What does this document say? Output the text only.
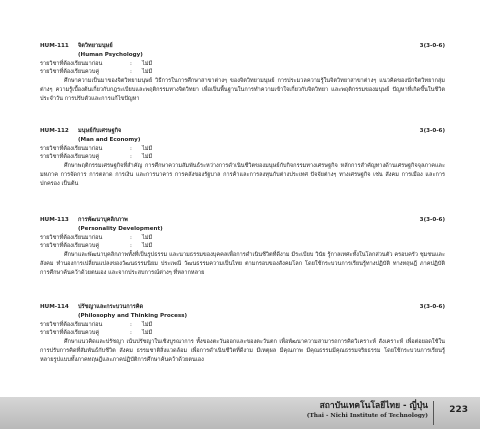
HUM-111 จิตวิทยามนุษย์	3(3-0-6)
(Human Psychology)
รายวิชาที่ต้องเรียนมาก่อน	:	ไม่มี
รายวิชาที่ต้องเรียนควบคู่	:	ไม่มี
ศึกษาความเป็นมาของจิตวิทยามนุษย์ วิธีการในการศึกษาสาขาต่างๆ ของจิตวิทยามนุษย์ การประมวลความรู้ในจิตวิทยาสาขาต่างๆ แนวคิดของนักจิตวิทยากลุ่มต่างๆ ความรู้เบื้องต้นเกี่ยวกับกฎระเบียบและพฤติกรรมทางจิตวิทยา เพื่อเป็นพื้นฐานในการทำความเข้าใจเกี่ยวกับจิตวิทยา และพฤติกรรมของมนุษย์ ปัญหาที่เกิดขึ้นในชีวิตประจำวัน การปรับตัวและการแก้ไขปัญหา
HUM-112 มนุษย์กับเศรษฐกิจ	3(3-0-6)
(Man and Economy)
รายวิชาที่ต้องเรียนมาก่อน	:	ไม่มี
รายวิชาที่ต้องเรียนควบคู่	:	ไม่มี
ศึกษาพฤติกรรมเศรษฐกิจที่สำคัญ การศึกษาความสัมพันธ์ระหว่างการดำเนินชีวิตของมนุษย์กับกิจกรรมทางเศรษฐกิจ หลักการสำคัญทางด้านเศรษฐกิจจุลภาคและมหภาค การจัดการ การตลาด การเงิน และการนาคาร การคลังของรัฐบาล การค้าและการลงทุนกับต่างประเทศ ปัจจัยต่างๆ ทางเศรษฐกิจ เช่น สังคม การเมือง และการปกครอง เป็นต้น
HUM-113 การพัฒนาบุคลิกภาพ	3(3-0-6)
(Personality Development)
รายวิชาที่ต้องเรียนมาก่อน	:	ไม่มี
รายวิชาที่ต้องเรียนควบคู่	:	ไม่มี
ศึกษาและพัฒนาบุคลิกภาพทั้งที่เป็นรูปธรรม และนามธรรมของบุคคลเพื่อการดำเนินชีวิตที่ดีงาม มีระเบียบ วินัย รู้กาลเทศะทั้งในโลกส่วนตัว ครอบครัว ชุมชนและสังคม ทำนองการเปลี่ยนแปลงของวัฒนธรรมนิยม ประเพณี วัฒนธรรมความเป็นไทย ตามกรอบของสังคมโลก โดยใช้กระบวนการเรียนรู้ทางปฏิบัติ ทางทฤษฎี ภาคปฏิบัติ การศึกษาค้นคว้าด้วยตนเอง และจากประสบการณ์ต่างๆ ที่หลากหลาย
HUM-114 ปรัชญาและกระบวนการคิด	3(3-0-6)
(Philosophy and Thinking Process)
รายวิชาที่ต้องเรียนมาก่อน	:	ไม่มี
รายวิชาที่ต้องเรียนควบคู่	:	ไม่มี
ศึกษาแนวคิดและปรัชญา เน้นปรัชญาในเชิงบูรณาการ ทั้งของตะวันออกและของตะวันตก เพื่อพัฒนาความสามารถการคิดวิเคราะห์ สังเคราะห์ เพื่อต่อยอดใช้ในการปรับการคิดที่สัมพันธ์กับชีวิต สังคม ธรรมชาติสิ่งแวดล้อม เพื่อการดำเนินชีวิตที่ดีงาม มีเหตุผล มีคุณภาพ มีคุณธรรมมีคุณธรรมจริยธรรม โดยใช้กระบวนการเรียนรู้หลายรูปแบบทั้งภาคทฤษฎีและภาคปฏิบัติการศึกษาค้นคว้าด้วยตนเอง
สถาบันเทคโนโลยีไทย - ญี่ปุ่น
(Thai - Nichi Institute of Technology)
223
